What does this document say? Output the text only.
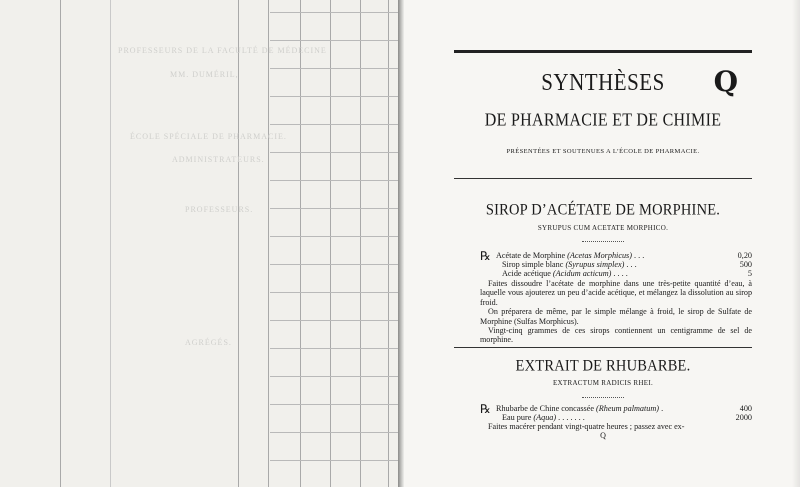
PROFESSEURS DE LA FACULTÉ DE MÉDECINE
MM. DUMÉRIL,
ÉCOLE SPÉCIALE DE PHARMACIE.
ADMINISTRATEURS.
PROFESSEURS.
AGRÉGÉS.
SYNTHÈSES Q
DE PHARMACIE ET DE CHIMIE
PRÉSENTÉES ET SOUTENUES A L’ÉCOLE DE PHARMACIE.
SIROP D’ACÉTATE DE MORPHINE.
SYRUPUS CUM ACETATE MORPHICO.
℞ Acétate de Morphine (Acetas Morphicus) . . .	0,20
Sirop simple blanc (Syrupus simplex) . . .	500
Acide acétique (Acidum acticum) . . . .	5

Faites dissoudre l’acétate de morphine dans une très-petite quantité d’eau, à laquelle vous ajouterez un peu d’acide acétique, et mélangez la dissolution au sirop froid.

On préparera de même, par le simple mélange à froid, le sirop de Sulfate de Morphine (Sulfas Morphicus).

Vingt-cinq grammes de ces sirops contiennent un centigramme de sel de morphine.

EXTRAIT DE RHUBARBE.
EXTRACTUM RADICIS RHEI.
℞ Rhubarbe de Chine concassée (Rheum palmatum) .	400
Eau pure (Aqua) . . . . . . .	2000

Faites macérer pendant vingt-quatre heures ; passez avec ex-

Q
